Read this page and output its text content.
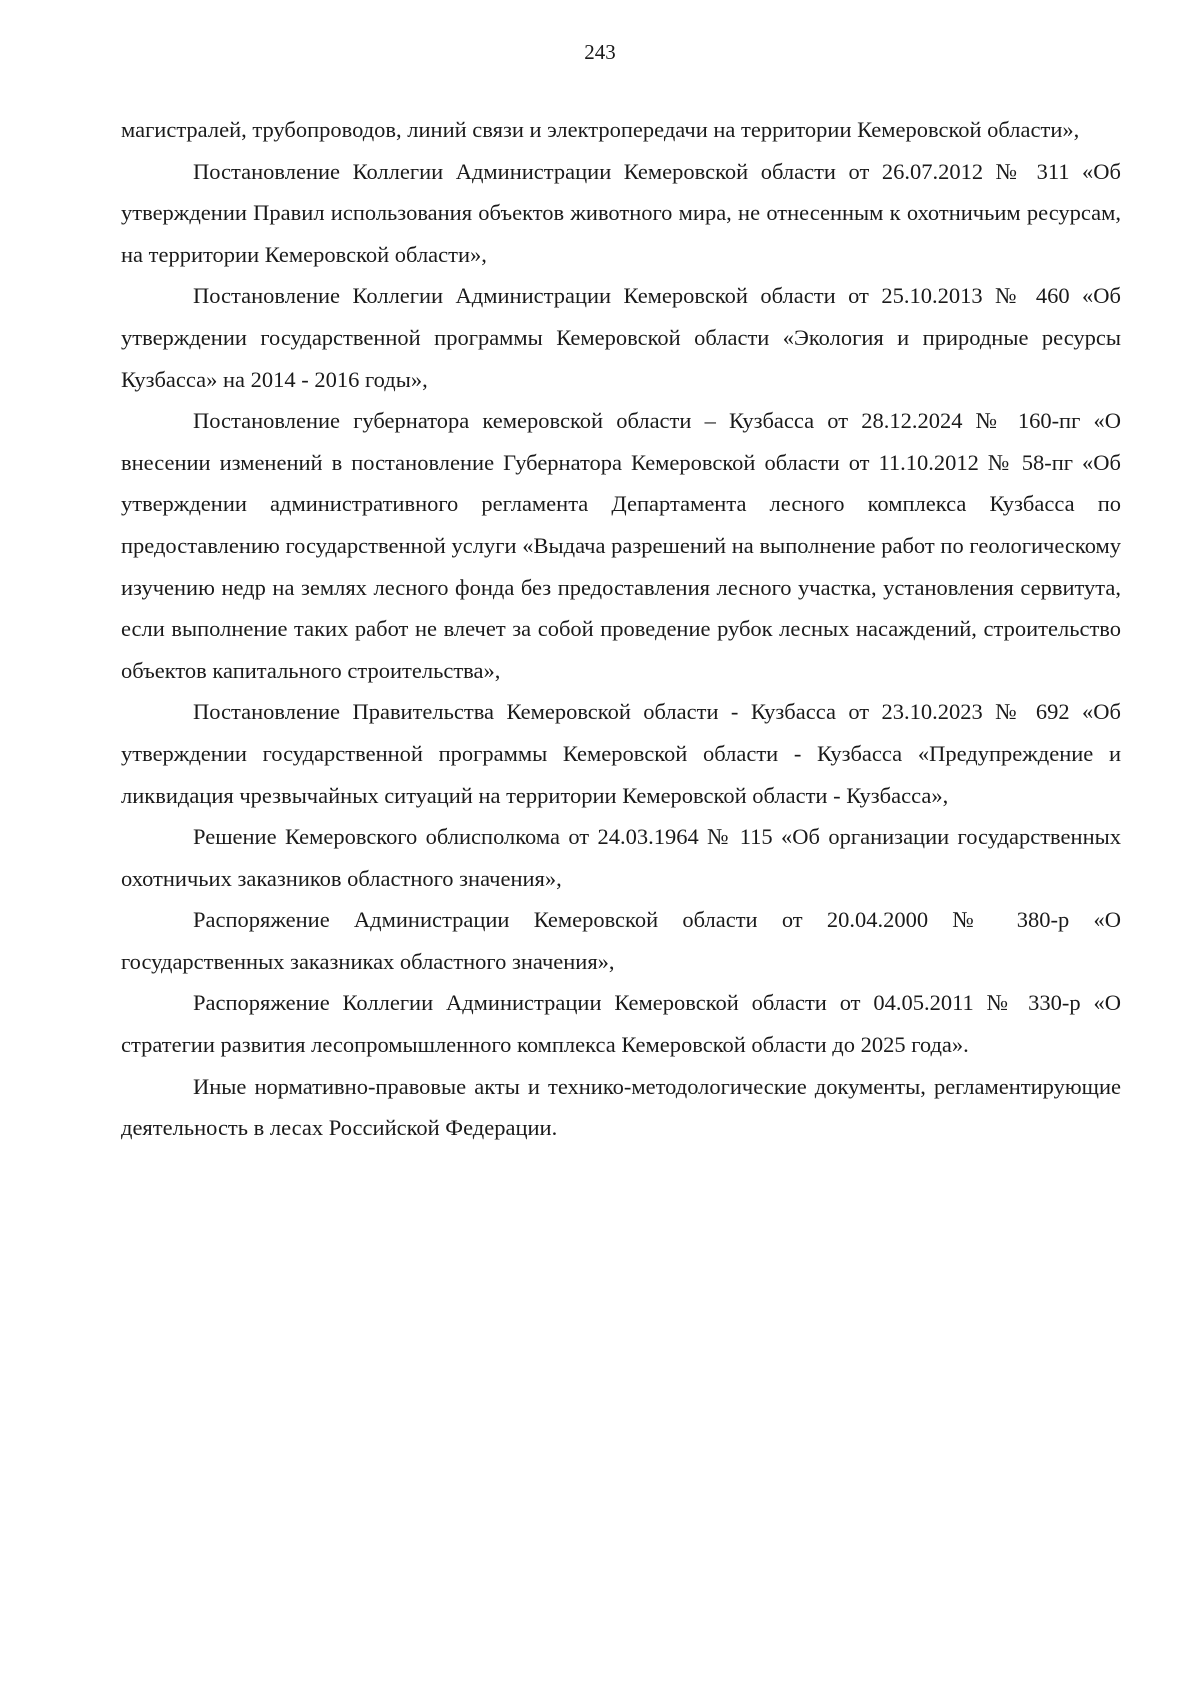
243

магистралей, трубопроводов, линий связи и электропередачи на территории Кемеровской области»,

Постановление Коллегии Администрации Кемеровской области от 26.07.2012 № 311 «Об утверждении Правил использования объектов животного мира, не отнесенным к охотничьим ресурсам, на территории Кемеровской области»,

Постановление Коллегии Администрации Кемеровской области от 25.10.2013 № 460 «Об утверждении государственной программы Кемеровской области «Экология и природные ресурсы Кузбасса» на 2014 - 2016 годы»,

Постановление губернатора кемеровской области – Кузбасса от 28.12.2024 № 160-пг «О внесении изменений в постановление Губернатора Кемеровской области от 11.10.2012 № 58-пг «Об утверждении административного регламента Департамента лесного комплекса Кузбасса по предоставлению государственной услуги «Выдача разрешений на выполнение работ по геологическому изучению недр на землях лесного фонда без предоставления лесного участка, установления сервитута, если выполнение таких работ не влечет за собой проведение рубок лесных насаждений, строительство объектов капитального строительства»,

Постановление Правительства Кемеровской области - Кузбасса от 23.10.2023 № 692 «Об утверждении государственной программы Кемеровской области - Кузбасса «Предупреждение и ликвидация чрезвычайных ситуаций на территории Кемеровской области - Кузбасса»,

Решение Кемеровского облисполкома от 24.03.1964 № 115 «Об организации государственных охотничьих заказников областного значения»,

Распоряжение Администрации Кемеровской области от 20.04.2000 № 380-р «О государственных заказниках областного значения»,

Распоряжение Коллегии Администрации Кемеровской области от 04.05.2011 № 330-р «О стратегии развития лесопромышленного комплекса Кемеровской области до 2025 года».

Иные нормативно-правовые акты и технико-методологические документы, регламентирующие деятельность в лесах Российской Федерации.
